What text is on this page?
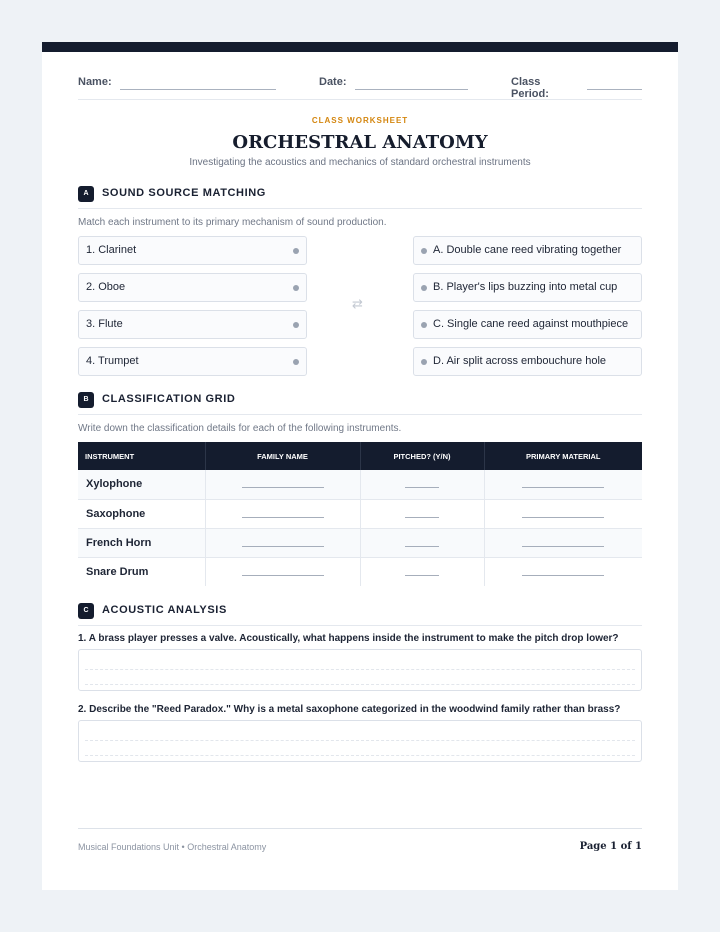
Name:	Date:	Class Period:
CLASS WORKSHEET
ORCHESTRAL ANATOMY
Investigating the acoustics and mechanics of standard orchestral instruments
A	SOUND SOURCE MATCHING
Match each instrument to its primary mechanism of sound production.
1. Clarinet
2. Oboe
3. Flute
4. Trumpet
⇄
A. Double cane reed vibrating together
B. Player's lips buzzing into metal cup
C. Single cane reed against mouthpiece
D. Air split across embouchure hole
B	CLASSIFICATION GRID
Write down the classification details for each of the following instruments.
INSTRUMENT	FAMILY NAME	PITCHED? (Y/N)	PRIMARY MATERIAL
Xylophone			
Saxophone			
French Horn			
Snare Drum			
C	ACOUSTIC ANALYSIS
1. A brass player presses a valve. Acoustically, what happens inside the instrument to make the pitch drop lower?
2. Describe the "Reed Paradox." Why is a metal saxophone categorized in the woodwind family rather than brass?
Musical Foundations Unit • Orchestral Anatomy	Page 1 of 1
